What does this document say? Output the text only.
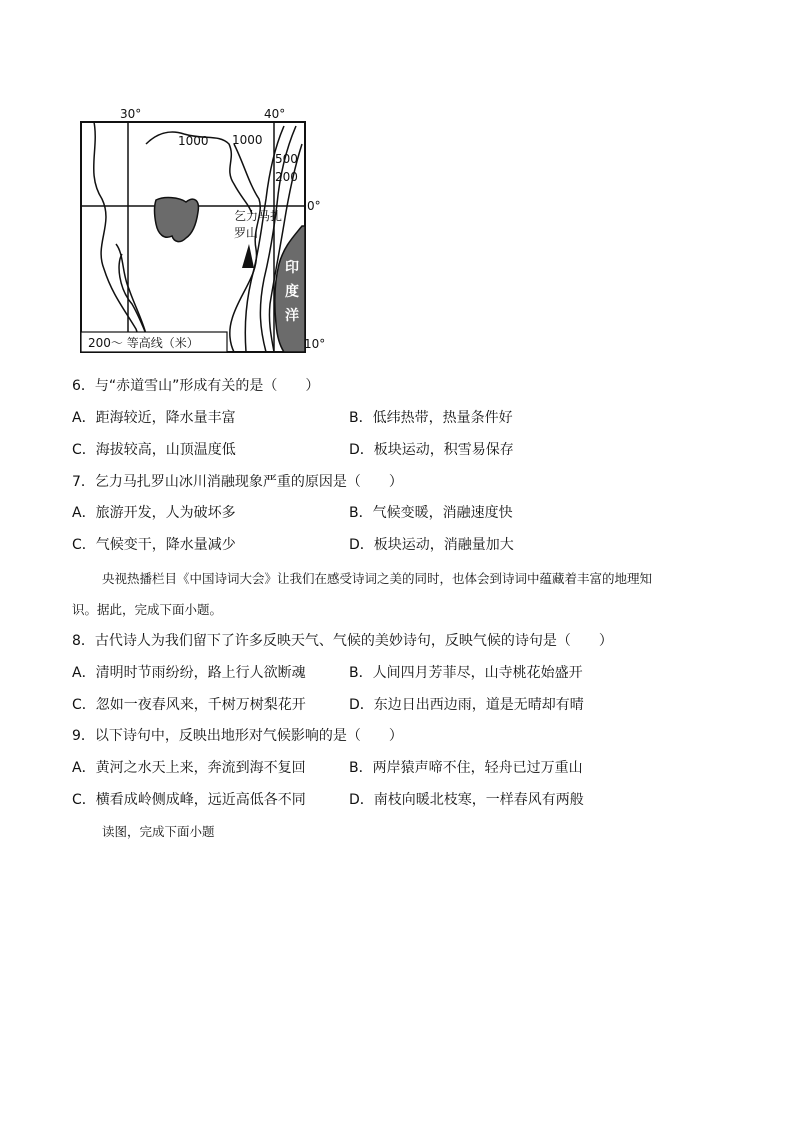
30°	40°
1000 1000
500
200
0°
10°
乞力马扎
罗山
印
度
洋
200～ 等高线（米）
6．与“赤道雪山”形成有关的是（　　）
A．距海较近，降水量丰富	B．低纬热带，热量条件好
C．海拔较高，山顶温度低	D．板块运动，积雪易保存
7．乞力马扎罗山冰川消融现象严重的原因是（　　）
A．旅游开发，人为破坏多	B．气候变暖，消融速度快
C．气候变干，降水量减少	D．板块运动，消融量加大
央视热播栏目《中国诗词大会》让我们在感受诗词之美的同时，也体会到诗词中蕴藏着丰富的地理知
识。据此，完成下面小题。
8．古代诗人为我们留下了许多反映天气、气候的美妙诗句，反映气候的诗句是（　　）
A．清明时节雨纷纷，路上行人欲断魂	B．人间四月芳菲尽，山寺桃花始盛开
C．忽如一夜春风来，千树万树梨花开	D．东边日出西边雨，道是无晴却有晴
9．以下诗句中，反映出地形对气候影响的是（　　）
A．黄河之水天上来，奔流到海不复回	B．两岸猿声啼不住，轻舟已过万重山
C．横看成岭侧成峰，远近高低各不同	D．南枝向暖北枝寒，一样春风有两般
读图，完成下面小题
